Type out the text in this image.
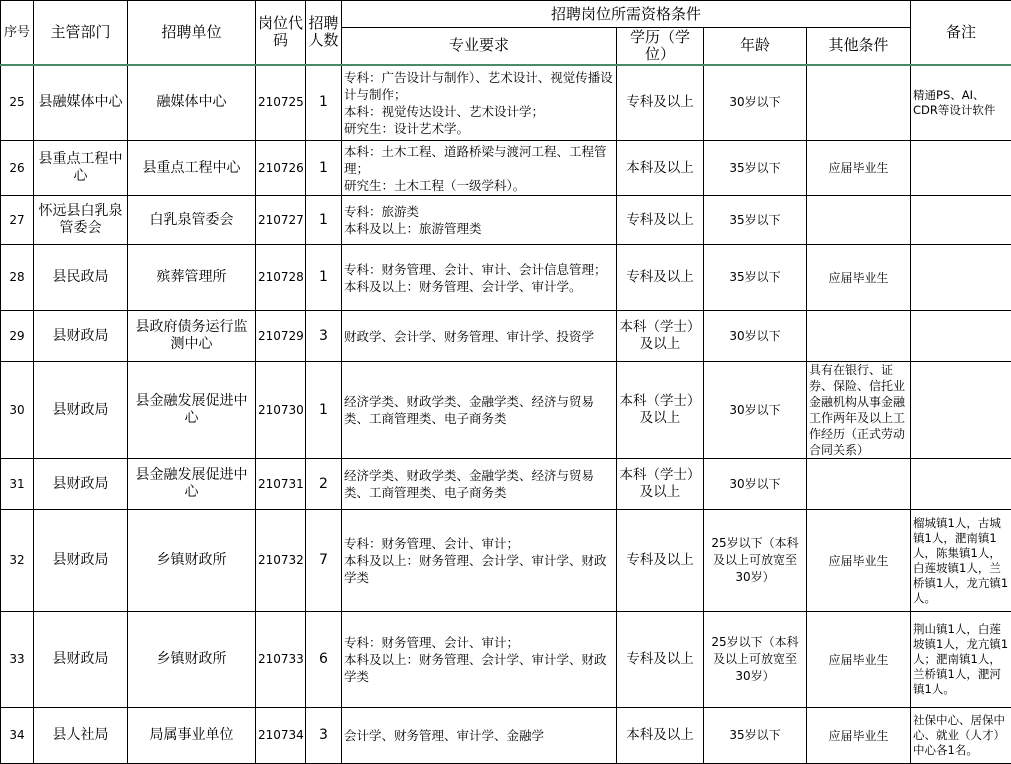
序号	主管部门	招聘单位	岗位代码	招聘人数	招聘岗位所需资格条件				备注
					专业要求	学历（学位）	年龄	其他条件	
25	县融媒体中心	融媒体中心	210725	1	专科：广告设计与制作）、艺术设计、视觉传播设计与制作；
本科：视觉传达设计、艺术设计学；
研究生：设计艺术学。	专科及以上	30岁以下		精通PS、AI、CDR等设计软件
26	县重点工程中心	县重点工程中心	210726	1	本科：土木工程、道路桥梁与渡河工程、工程管理；
研究生：土木工程（一级学科）。	本科及以上	35岁以下	应届毕业生	
27	怀远县白乳泉管委会	白乳泉管委会	210727	1	专科：旅游类
本科及以上：旅游管理类	专科及以上	35岁以下		
28	县民政局	殡葬管理所	210728	1	专科：财务管理、会计、审计、会计信息管理；
本科及以上：财务管理、会计学、审计学。	专科及以上	35岁以下	应届毕业生	
29	县财政局	县政府债务运行监测中心	210729	3	财政学、会计学、财务管理、审计学、投资学	本科（学士）及以上	30岁以下		
30	县财政局	县金融发展促进中心	210730	1	经济学类、财政学类、金融学类、经济与贸易类、工商管理类、电子商务类	本科（学士）及以上	30岁以下	具有在银行、证券、保险、信托业金融机构从事金融工作两年及以上工作经历（正式劳动合同关系）	
31	县财政局	县金融发展促进中心	210731	2	经济学类、财政学类、金融学类、经济与贸易类、工商管理类、电子商务类	本科（学士）及以上	30岁以下		
32	县财政局	乡镇财政所	210732	7	专科：财务管理、会计、审计；
本科及以上：财务管理、会计学、审计学、财政学类	专科及以上	25岁以下（本科及以上可放宽至30岁）	应届毕业生	榴城镇1人，古城镇1人，淝南镇1人，陈集镇1人，白莲坡镇1人，兰桥镇1人，龙亢镇1人。
33	县财政局	乡镇财政所	210733	6	专科：财务管理、会计、审计；
本科及以上：财务管理、会计学、审计学、财政学类	专科及以上	25岁以下（本科及以上可放宽至30岁）	应届毕业生	荆山镇1人，白莲坡镇1人，龙亢镇1人；淝南镇1人，兰桥镇1人，淝河镇1人。
34	县人社局	局属事业单位	210734	3	会计学、财务管理、审计学、金融学	本科及以上	35岁以下	应届毕业生	社保中心、居保中心、就业（人才）中心各1名。
